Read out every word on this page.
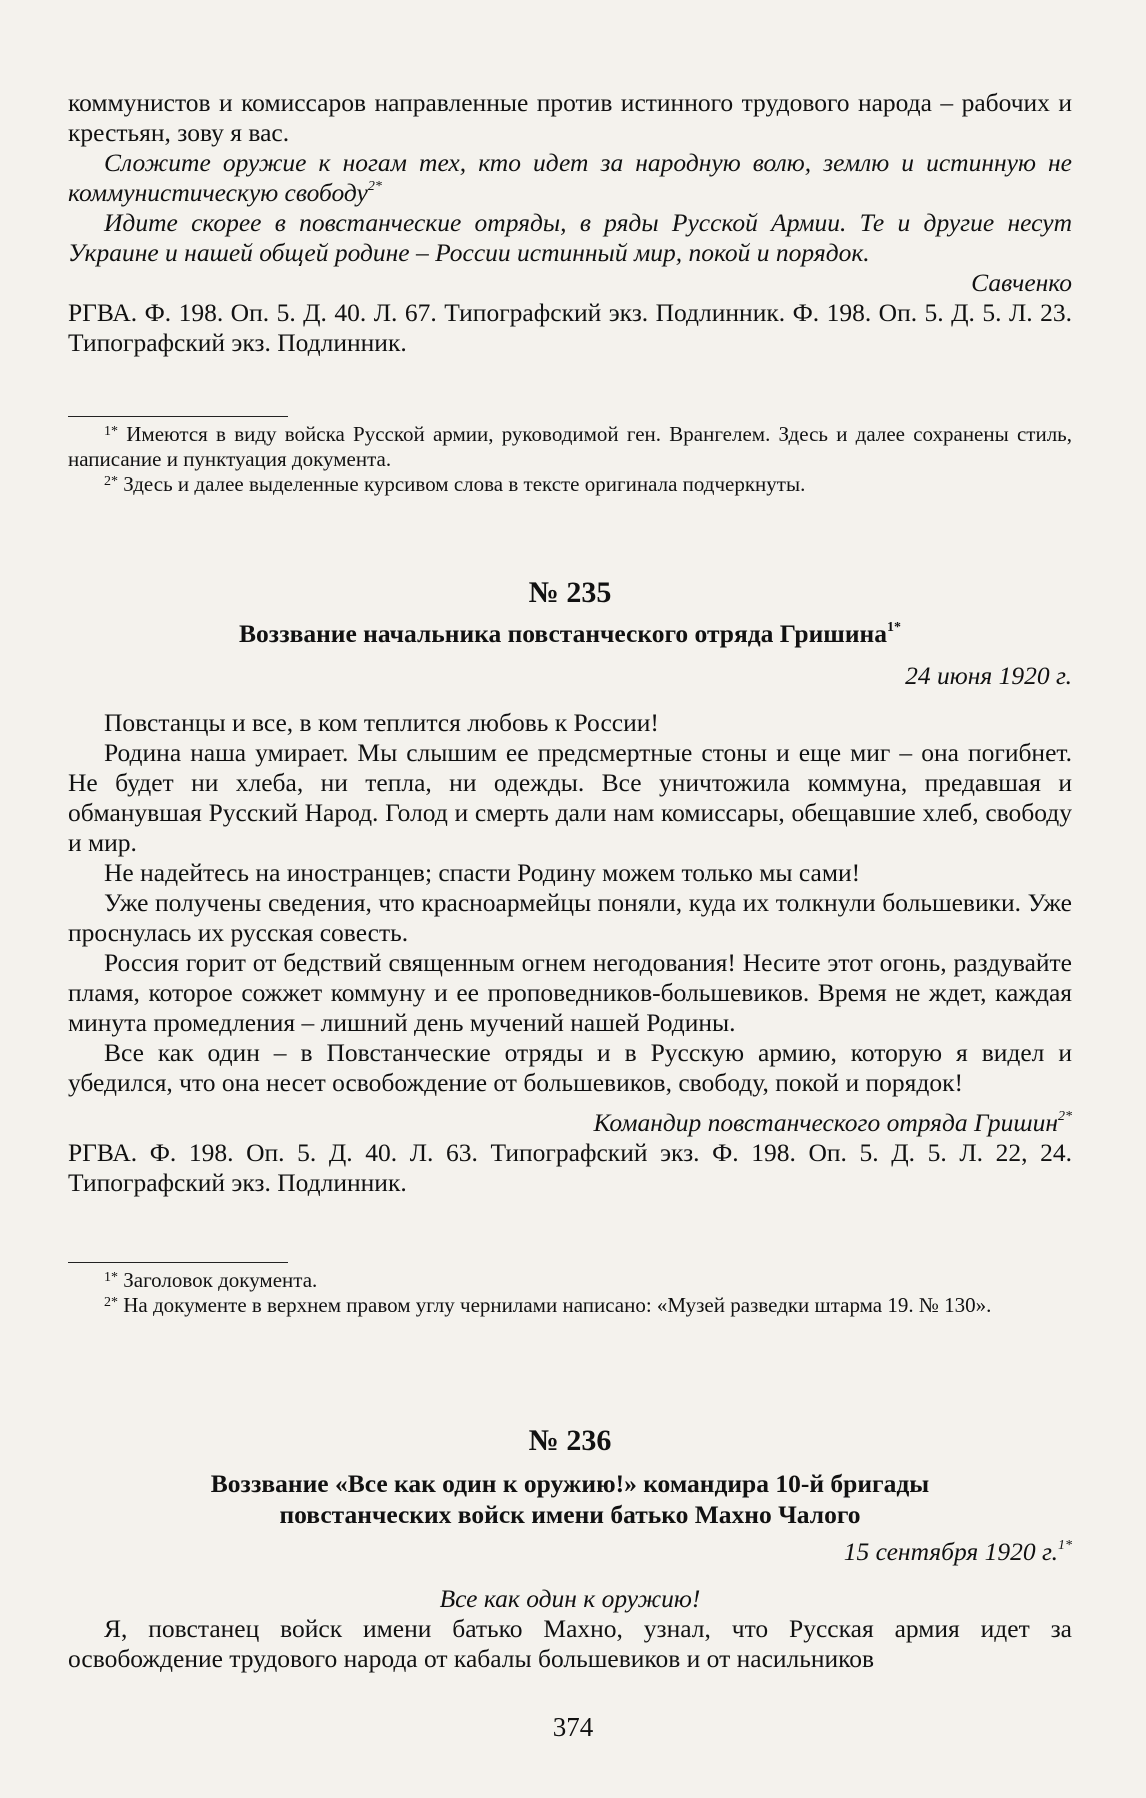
коммунистов и комиссаров направленные против истинного трудового народа – рабочих и крестьян, зову я вас.

Сложите оружие к ногам тех, кто идет за народную волю, землю и истинную не коммунистическую свободу$^{2*}$

Идите скорее в повстанческие отряды, в ряды Русской Армии. Те и другие несут Украине и нашей общей родине – России истинный мир, покой и порядок.

Савченко

РГВА. Ф. 198. Оп. 5. Д. 40. Л. 67. Типографский экз. Подлинник. Ф. 198. Оп. 5. Д. 5. Л. 23. Типографский экз. Подлинник.

$^{1*}$ Имеются в виду войска Русской армии, руководимой ген. Врангелем. Здесь и далее сохранены стиль, написание и пунктуация документа.

$^{2*}$ Здесь и далее выделенные курсивом слова в тексте оригинала подчеркнуты.

№ 235
Воззвание начальника повстанческого отряда Гришина$^{1*}$
24 июня 1920 г.

Повстанцы и все, в ком теплится любовь к России!

Родина наша умирает. Мы слышим ее предсмертные стоны и еще миг – она погибнет. Не будет ни хлеба, ни тепла, ни одежды. Все уничтожила коммуна, предавшая и обманувшая Русский Народ. Голод и смерть дали нам комиссары, обещавшие хлеб, свободу и мир.

Не надейтесь на иностранцев; спасти Родину можем только мы сами!

Уже получены сведения, что красноармейцы поняли, куда их толкнули большевики. Уже проснулась их русская совесть.

Россия горит от бедствий священным огнем негодования! Несите этот огонь, раздувайте пламя, которое сожжет коммуну и ее проповедников-большевиков. Время не ждет, каждая минута промедления – лишний день мучений нашей Родины.

Все как один – в Повстанческие отряды и в Русскую армию, которую я видел и убедился, что она несет освобождение от большевиков, свободу, покой и порядок!

Командир повстанческого отряда Гришин$^{2*}$

РГВА. Ф. 198. Оп. 5. Д. 40. Л. 63. Типографский экз. Ф. 198. Оп. 5. Д. 5. Л. 22, 24. Типографский экз. Подлинник.

$^{1*}$ Заголовок документа.

$^{2*}$ На документе в верхнем правом углу чернилами написано: «Музей разведки штарма 19. № 130».

№ 236
Воззвание «Все как один к оружию!» командира 10-й бригады
повстанческих войск имени батько Махно Чалого
15 сентября 1920 г.$^{1*}$

Все как один к оружию!

Я, повстанец войск имени батько Махно, узнал, что Русская армия идет за освобождение трудового народа от кабалы большевиков и от насильников

374
